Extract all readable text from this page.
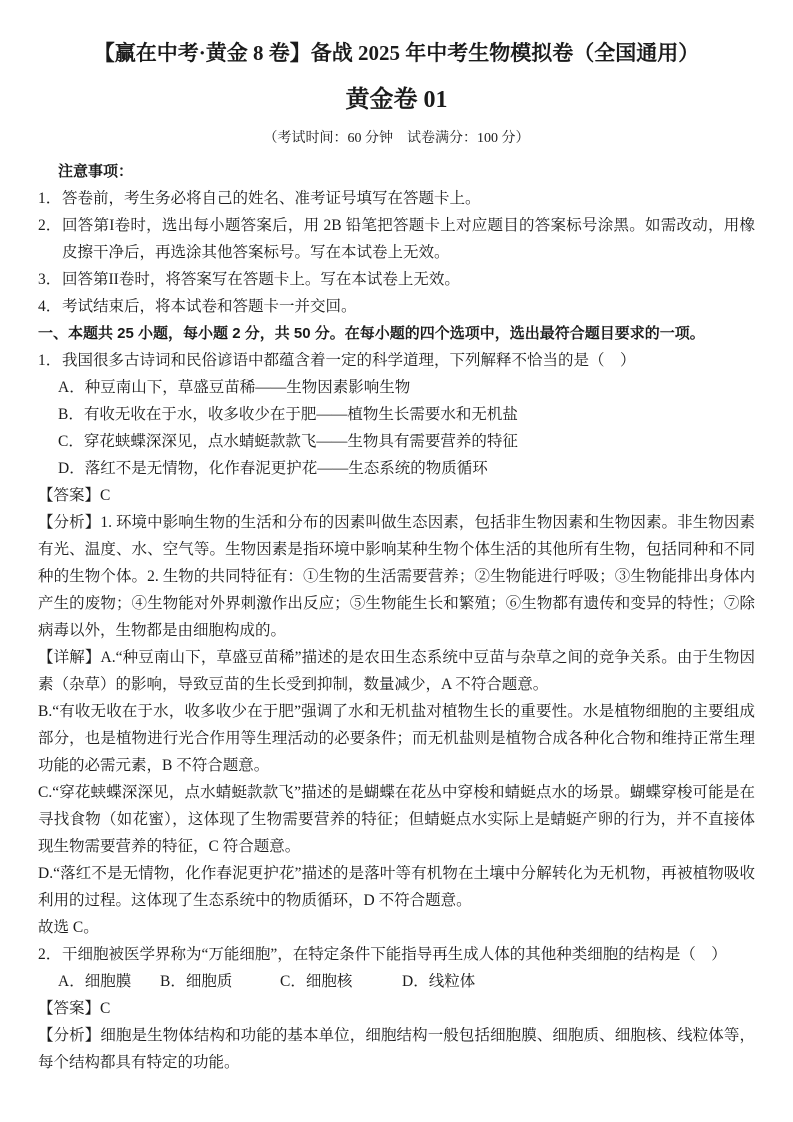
【赢在中考·黄金 8 卷】备战 2025 年中考生物模拟卷（全国通用）
黄金卷 01
（考试时间：60 分钟　试卷满分：100 分）

注意事项：

1． 答卷前，考生务必将自己的姓名、准考证号填写在答题卡上。
2． 回答第I卷时，选出每小题答案后，用 2B 铅笔把答题卡上对应题目的答案标号涂黑。如需改动，用橡皮擦干净后，再选涂其他答案标号。写在本试卷上无效。
3． 回答第II卷时，将答案写在答题卡上。写在本试卷上无效。
4． 考试结束后，将本试卷和答题卡一并交回。

一、本题共 25 小题，每小题 2 分，共 50 分。在每小题的四个选项中，选出最符合题目要求的一项。

1． 我国很多古诗词和民俗谚语中都蕴含着一定的科学道理，下列解释不恰当的是（　）

A．种豆南山下，草盛豆苗稀——生物因素影响生物

B．有收无收在于水，收多收少在于肥——植物生长需要水和无机盐

C．穿花蛱蝶深深见，点水蜻蜓款款飞——生物具有需要营养的特征

D．落红不是无情物，化作春泥更护花——生态系统的物质循环

【答案】C

【分析】1. 环境中影响生物的生活和分布的因素叫做生态因素，包括非生物因素和生物因素。非生物因素有光、温度、水、空气等。生物因素是指环境中影响某种生物个体生活的其他所有生物，包括同种和不同种的生物个体。2. 生物的共同特征有：①生物的生活需要营养；②生物能进行呼吸；③生物能排出身体内产生的废物；④生物能对外界刺激作出反应；⑤生物能生长和繁殖；⑥生物都有遗传和变异的特性；⑦除病毒以外，生物都是由细胞构成的。

【详解】A.“种豆南山下，草盛豆苗稀”描述的是农田生态系统中豆苗与杂草之间的竞争关系。由于生物因素（杂草）的影响，导致豆苗的生长受到抑制，数量减少，A 不符合题意。

B.“有收无收在于水，收多收少在于肥”强调了水和无机盐对植物生长的重要性。水是植物细胞的主要组成部分，也是植物进行光合作用等生理活动的必要条件；而无机盐则是植物合成各种化合物和维持正常生理功能的必需元素，B 不符合题意。

C.“穿花蛱蝶深深见，点水蜻蜓款款飞”描述的是蝴蝶在花丛中穿梭和蜻蜓点水的场景。蝴蝶穿梭可能是在寻找食物（如花蜜），这体现了生物需要营养的特征；但蜻蜓点水实际上是蜻蜓产卵的行为，并不直接体现生物需要营养的特征，C 符合题意。

D.“落红不是无情物，化作春泥更护花”描述的是落叶等有机物在土壤中分解转化为无机物，再被植物吸收利用的过程。这体现了生态系统中的物质循环，D 不符合题意。

故选 C。

2． 干细胞被医学界称为“万能细胞”，在特定条件下能指导再生成人体的其他种类细胞的结构是（　）
A．细胞膜	B．细胞质	C．细胞核	D．线粒体

【答案】C

【分析】细胞是生物体结构和功能的基本单位，细胞结构一般包括细胞膜、细胞质、细胞核、线粒体等，每个结构都具有特定的功能。
